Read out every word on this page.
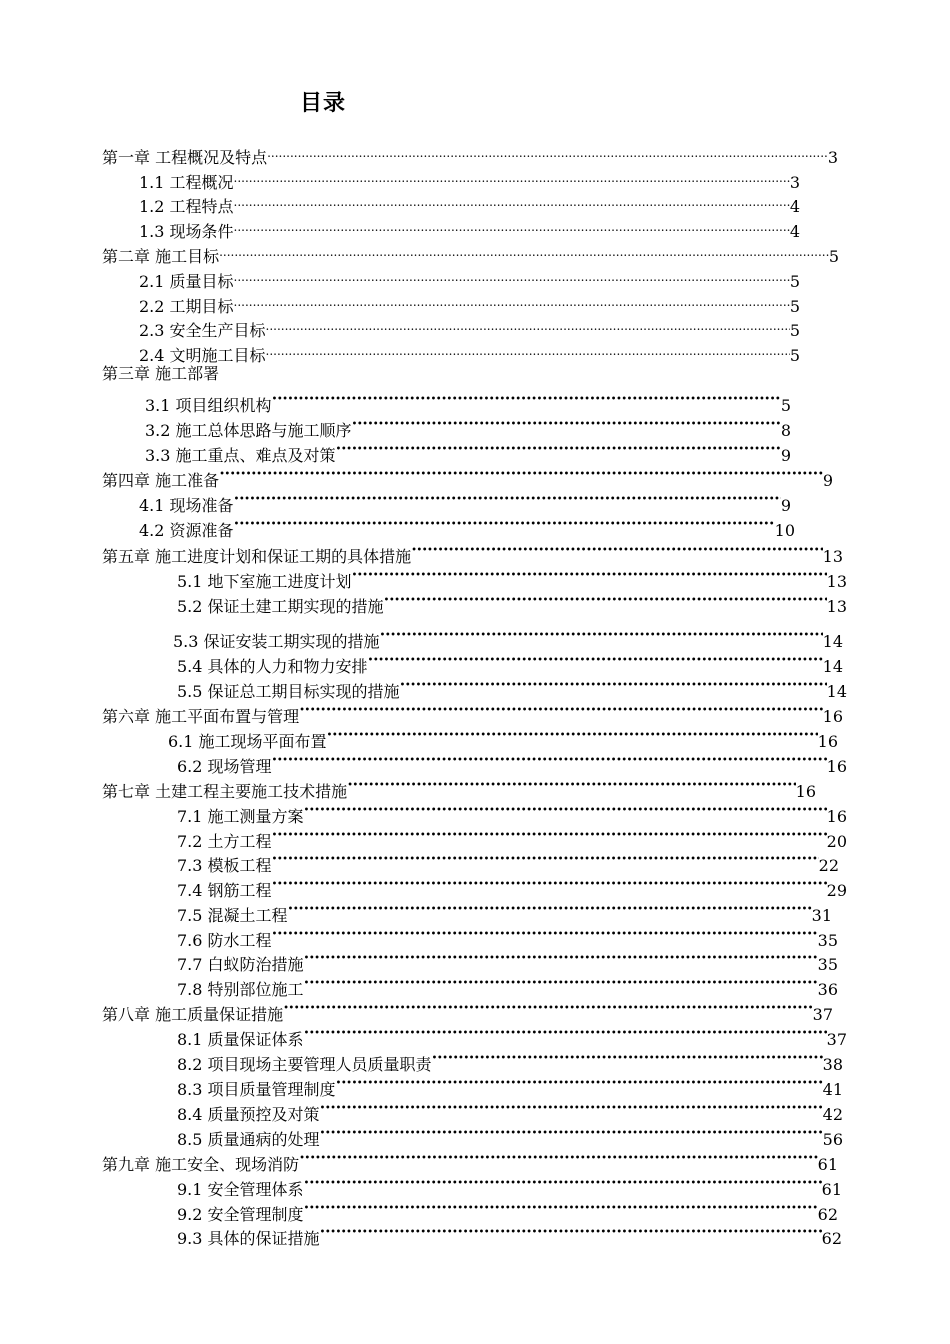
目录
第一章 工程概况及特点 .....	3
1.1 工程概况 .....	3
1.2 工程特点 .....	4
1.3 现场条件 .....	4
第二章 施工目标 .....	5
2.1 质量目标 .....	5
2.2 工期目标 .....	5
2.3 安全生产目标 .....	5
2.4 文明施工目标 .....	5
第三章 施工部署
3.1 项目组织机构 •••••	5
3.2 施工总体思路与施工顺序 •••••	8
3.3 施工重点、难点及对策 •••••	9
第四章 施工准备 •••••	9
4.1 现场准备 •••••	9
4.2 资源准备 •••••	10
第五章 施工进度计划和保证工期的具体措施 •••••	13
5.1 地下室施工进度计划 •••••	13
5.2 保证土建工期实现的措施 •••••	13
5.3 保证安装工期实现的措施 •••••	14
5.4 具体的人力和物力安排 •••••	14
5.5 保证总工期目标实现的措施 •••••	14
第六章 施工平面布置与管理 •••••	16
6.1 施工现场平面布置 •••••	16
6.2 现场管理 •••••	16
第七章 土建工程主要施工技术措施 •••••	16
7.1 施工测量方案 •••••	16
7.2 土方工程 •••••	20
7.3 模板工程 •••••	22
7.4 钢筋工程 •••••	29
7.5 混凝土工程 •••••	31
7.6 防水工程 •••••	35
7.7 白蚁防治措施 •••••	35
7.8 特别部位施工 •••••	36
第八章 施工质量保证措施 •••••	37
8.1 质量保证体系 •••••	37
8.2 项目现场主要管理人员质量职责 •••••	38
8.3 项目质量管理制度 •••••	41
8.4 质量预控及对策 •••••	42
8.5 质量通病的处理 •••••	56
第九章 施工安全、现场消防 •••••	61
9.1 安全管理体系 •••••	61
9.2 安全管理制度 •••••	62
9.3 具体的保证措施 •••••	62
